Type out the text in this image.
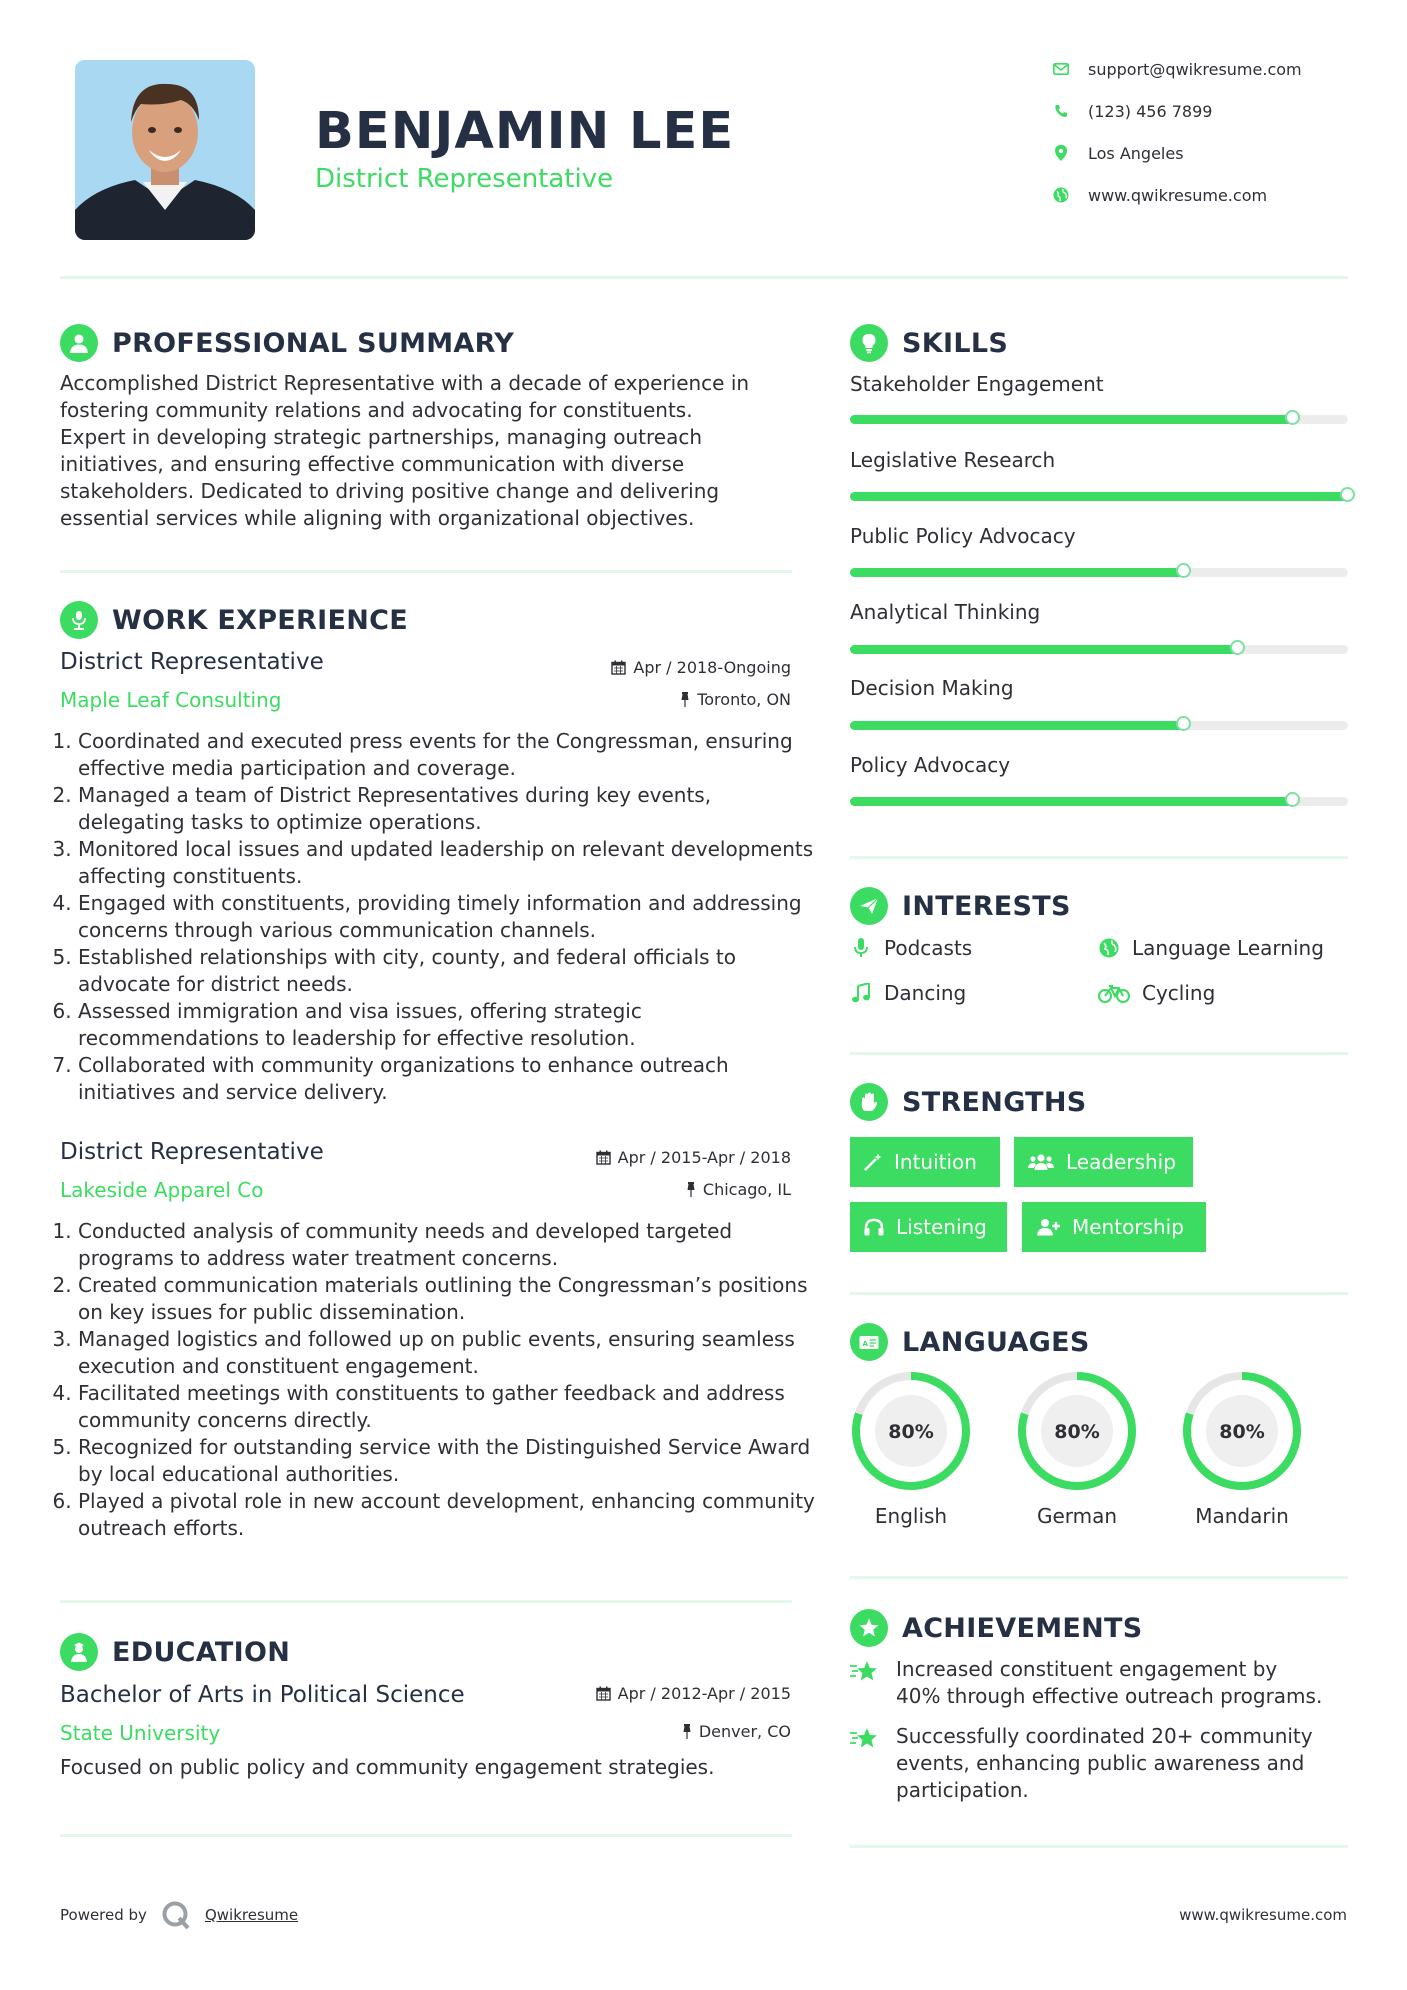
BENJAMIN LEE
District Representative
support@qwikresume.com
(123) 456 7899
Los Angeles
www.qwikresume.com
PROFESSIONAL SUMMARY
Accomplished District Representative with a decade of experience in
fostering community relations and advocating for constituents.
Expert in developing strategic partnerships, managing outreach
initiatives, and ensuring effective communication with diverse
stakeholders. Dedicated to driving positive change and delivering
essential services while aligning with organizational objectives.
WORK EXPERIENCE
District Representative	Apr / 2018-Ongoing
Maple Leaf Consulting	Toronto, ON
1. Coordinated and executed press events for the Congressman, ensuring effective media participation and coverage.
2. Managed a team of District Representatives during key events, delegating tasks to optimize operations.
3. Monitored local issues and updated leadership on relevant developments affecting constituents.
4. Engaged with constituents, providing timely information and addressing concerns through various communication channels.
5. Established relationships with city, county, and federal officials to advocate for district needs.
6. Assessed immigration and visa issues, offering strategic recommendations to leadership for effective resolution.
7. Collaborated with community organizations to enhance outreach initiatives and service delivery.
District Representative	Apr / 2015-Apr / 2018
Lakeside Apparel Co	Chicago, IL
1. Conducted analysis of community needs and developed targeted programs to address water treatment concerns.
2. Created communication materials outlining the Congressman’s positions on key issues for public dissemination.
3. Managed logistics and followed up on public events, ensuring seamless execution and constituent engagement.
4. Facilitated meetings with constituents to gather feedback and address community concerns directly.
5. Recognized for outstanding service with the Distinguished Service Award by local educational authorities.
6. Played a pivotal role in new account development, enhancing community outreach efforts.
EDUCATION
Bachelor of Arts in Political Science	Apr / 2012-Apr / 2015
State University	Denver, CO
Focused on public policy and community engagement strategies.
SKILLS
Stakeholder Engagement
Legislative Research
Public Policy Advocacy
Analytical Thinking
Decision Making
Policy Advocacy
INTERESTS
Podcasts	Language Learning
Dancing	Cycling
STRENGTHS
Intuition	Leadership
Listening	Mentorship
A LANGUAGES
80%
English
80%
German
80%
Mandarin
ACHIEVEMENTS
Increased constituent engagement by
40% through effective outreach programs.
Successfully coordinated 20+ community
events, enhancing public awareness and
participation.
Powered by	Qwikresume	www.qwikresume.com
